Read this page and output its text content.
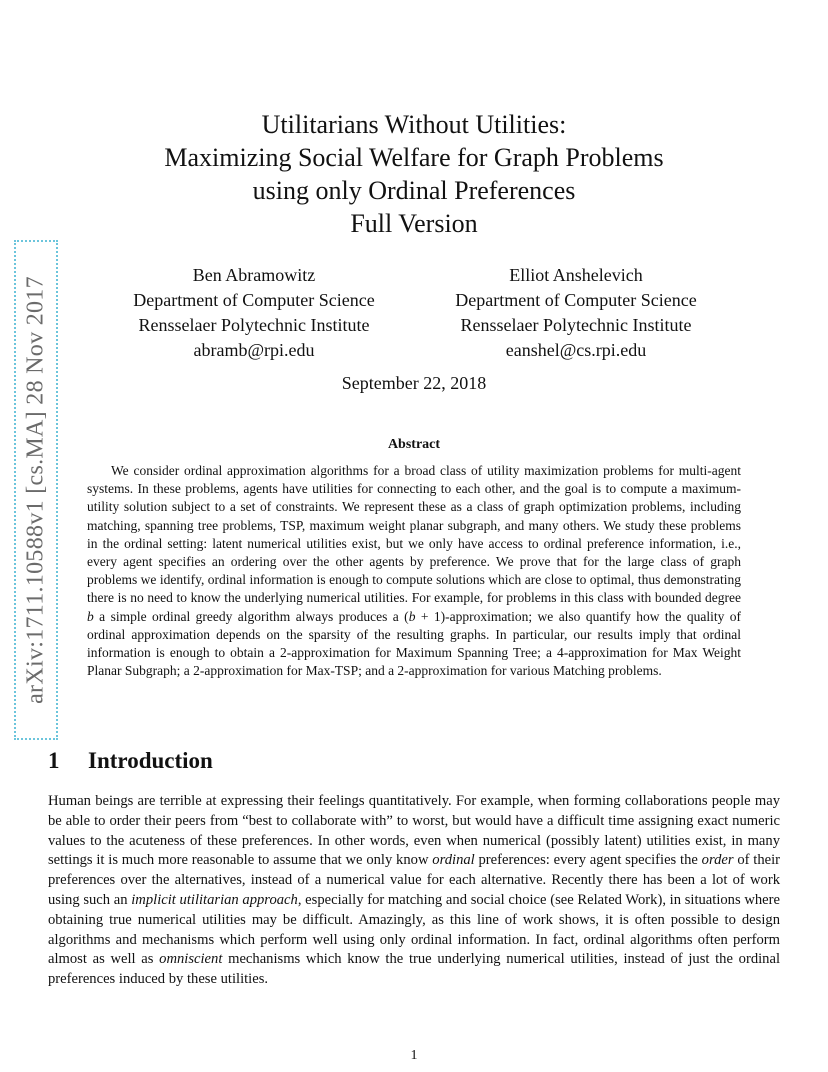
arXiv:1711.10588v1 [cs.MA] 28 Nov 2017
Utilitarians Without Utilities:
Maximizing Social Welfare for Graph Problems
using only Ordinal Preferences
Full Version
Ben Abramowitz
Department of Computer Science
Rensselaer Polytechnic Institute
abramb@rpi.edu
Elliot Anshelevich
Department of Computer Science
Rensselaer Polytechnic Institute
eanshel@cs.rpi.edu
September 22, 2018
Abstract

We consider ordinal approximation algorithms for a broad class of utility maximization problems for multi-agent systems. In these problems, agents have utilities for connecting to each other, and the goal is to compute a maximum-utility solution subject to a set of constraints. We represent these as a class of graph optimization problems, including matching, spanning tree problems, TSP, maximum weight planar subgraph, and many others. We study these problems in the ordinal setting: latent numerical utilities exist, but we only have access to ordinal preference information, i.e., every agent specifies an ordering over the other agents by preference. We prove that for the large class of graph problems we identify, ordinal information is enough to compute solutions which are close to optimal, thus demonstrating there is no need to know the underlying numerical utilities. For example, for problems in this class with bounded degree b a simple ordinal greedy algorithm always produces a (b + 1)-approximation; we also quantify how the quality of ordinal approximation depends on the sparsity of the resulting graphs. In particular, our results imply that ordinal information is enough to obtain a 2-approximation for Maximum Spanning Tree; a 4-approximation for Max Weight Planar Subgraph; a 2-approximation for Max-TSP; and a 2-approximation for various Matching problems.

1 Introduction

Human beings are terrible at expressing their feelings quantitatively. For example, when forming collaborations people may be able to order their peers from “best to collaborate with” to worst, but would have a difficult time assigning exact numeric values to the acuteness of these preferences. In other words, even when numerical (possibly latent) utilities exist, in many settings it is much more reasonable to assume that we only know ordinal preferences: every agent specifies the order of their preferences over the alternatives, instead of a numerical value for each alternative. Recently there has been a lot of work using such an implicit utilitarian approach, especially for matching and social choice (see Related Work), in situations where obtaining true numerical utilities may be difficult. Amazingly, as this line of work shows, it is often possible to design algorithms and mechanisms which perform well using only ordinal information. In fact, ordinal algorithms often perform almost as well as omniscient mechanisms which know the true underlying numerical utilities, instead of just the ordinal preferences induced by these utilities.

1
